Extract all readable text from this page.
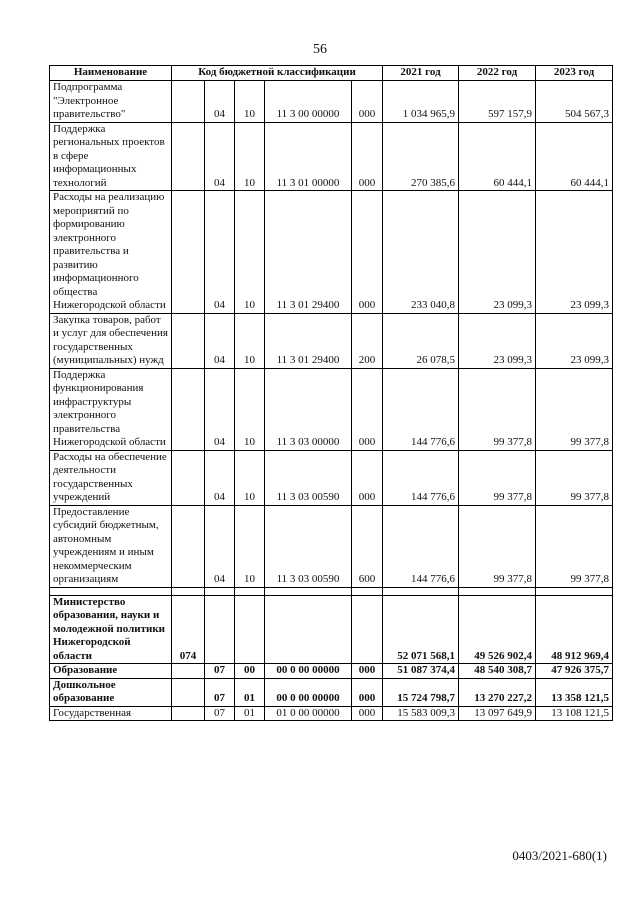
56
Наименование	Код бюджетной классификации					2021 год	2022 год	2023 год
Подпрограмма "Электронное правительство"		04	10	11 3 00 00000	000	1 034 965,9	597 157,9	504 567,3
Поддержка региональных проектов в сфере информационных технологий		04	10	11 3 01 00000	000	270 385,6	60 444,1	60 444,1
Расходы на реализацию мероприятий по формированию электронного правительства и развитию информационного общества Нижегородской области		04	10	11 3 01 29400	000	233 040,8	23 099,3	23 099,3
Закупка товаров, работ и услуг для обеспечения государственных (муниципальных) нужд		04	10	11 3 01 29400	200	26 078,5	23 099,3	23 099,3
Поддержка функционирования инфраструктуры электронного правительства Нижегородской области		04	10	11 3 03 00000	000	144 776,6	99 377,8	99 377,8
Расходы на обеспечение деятельности государственных учреждений		04	10	11 3 03 00590	000	144 776,6	99 377,8	99 377,8
Предоставление субсидий бюджетным, автономным учреждениям и иным некоммерческим организациям		04	10	11 3 03 00590	600	144 776,6	99 377,8	99 377,8

Министерство образования, науки и молодежной политики Нижегородской области	074					52 071 568,1	49 526 902,4	48 912 969,4
Образование		07	00	00 0 00 00000	000	51 087 374,4	48 540 308,7	47 926 375,7
Дошкольное образование		07	01	00 0 00 00000	000	15 724 798,7	13 270 227,2	13 358 121,5
Государственная		07	01	01 0 00 00000	000	15 583 009,3	13 097 649,9	13 108 121,5
0403/2021-680(1)
